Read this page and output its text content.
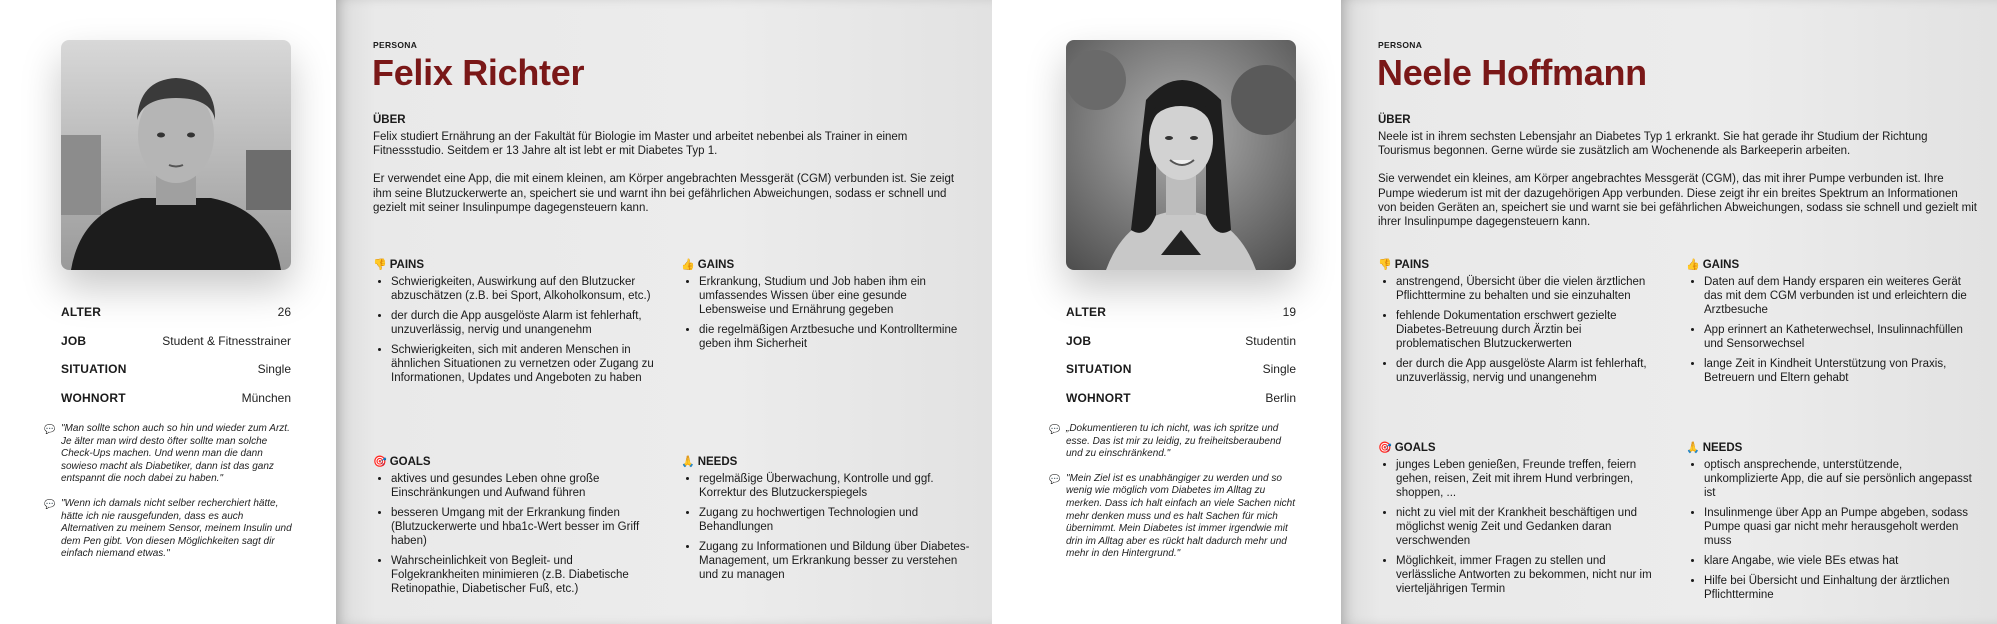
ALTER	26
JOB	Student & Fitnesstrainer
SITUATION	Single
WOHNORT	München
💬 "Man sollte schon auch so hin und wieder zum Arzt. Je älter man wird desto öfter sollte man solche Check-Ups machen. Und wenn man die dann sowieso macht als Diabetiker, dann ist das ganz entspannt die noch dabei zu haben."
💬 "Wenn ich damals nicht selber recherchiert hätte, hätte ich nie rausgefunden, dass es auch Alternativen zu meinem Sensor, meinem Insulin und dem Pen gibt. Von diesen Möglichkeiten sagt dir einfach niemand etwas."
PERSONA
Felix Richter
ÜBER

Felix studiert Ernährung an der Fakultät für Biologie im Master und arbeitet nebenbei als Trainer in einem Fitnessstudio. Seitdem er 13 Jahre alt ist lebt er mit Diabetes Typ 1.

Er verwendet eine App, die mit einem kleinen, am Körper angebrachten Messgerät (CGM) verbunden ist. Sie zeigt ihm seine Blutzuckerwerte an, speichert sie und warnt ihn bei gefährlichen Abweichungen, sodass er schnell und gezielt mit seiner Insulinpumpe dagegensteuern kann.

👎 PAINS
• Schwierigkeiten, Auswirkung auf den Blutzucker abzuschätzen (z.B. bei Sport, Alkoholkonsum, etc.)
• der durch die App ausgelöste Alarm ist fehlerhaft, unzuverlässig, nervig und unangenehm
• Schwierigkeiten, sich mit anderen Menschen in ähnlichen Situationen zu vernetzen oder Zugang zu Informationen, Updates und Angeboten zu haben
👍 GAINS
• Erkrankung, Studium und Job haben ihm ein umfassendes Wissen über eine gesunde Lebensweise und Ernährung gegeben
• die regelmäßigen Arztbesuche und Kontrolltermine geben ihm Sicherheit
🎯 GOALS
• aktives und gesundes Leben ohne große Einschränkungen und Aufwand führen
• besseren Umgang mit der Erkrankung finden (Blutzuckerwerte und hba1c-Wert besser im Griff haben)
• Wahrscheinlichkeit von Begleit- und Folgekrankheiten minimieren (z.B. Diabetische Retinopathie, Diabetischer Fuß, etc.)
🙏 NEEDS
• regelmäßige Überwachung, Kontrolle und ggf. Korrektur des Blutzuckerspiegels
• Zugang zu hochwertigen Technologien und Behandlungen
• Zugang zu Informationen und Bildung über Diabetes-Management, um Erkrankung besser zu verstehen und zu managen
ALTER	19
JOB	Studentin
SITUATION	Single
WOHNORT	Berlin
💬 „Dokumentieren tu ich nicht, was ich spritze und esse. Das ist mir zu leidig, zu freiheitsberaubend und zu einschränkend."
💬 "Mein Ziel ist es unabhängiger zu werden und so wenig wie möglich vom Diabetes im Alltag zu merken. Dass ich halt einfach an viele Sachen nicht mehr denken muss und es halt Sachen für mich übernimmt. Mein Diabetes ist immer irgendwie mit drin im Alltag aber es rückt halt dadurch mehr und mehr in den Hintergrund."
PERSONA
Neele Hoffmann
ÜBER

Neele ist in ihrem sechsten Lebensjahr an Diabetes Typ 1 erkrankt. Sie hat gerade ihr Studium der Richtung Tourismus begonnen. Gerne würde sie zusätzlich am Wochenende als Barkeeperin arbeiten.

Sie verwendet ein kleines, am Körper angebrachtes Messgerät (CGM), das mit ihrer Pumpe verbunden ist. Ihre Pumpe wiederum ist mit der dazugehörigen App verbunden. Diese zeigt ihr ein breites Spektrum an Informationen von beiden Geräten an, speichert sie und warnt sie bei gefährlichen Abweichungen, sodass sie schnell und gezielt mit ihrer Insulinpumpe dagegensteuern kann.

👎 PAINS
• anstrengend, Übersicht über die vielen ärztlichen Pflichttermine zu behalten und sie einzuhalten
• fehlende Dokumentation erschwert gezielte Diabetes-Betreuung durch Ärztin bei problematischen Blutzuckerwerten
• der durch die App ausgelöste Alarm ist fehlerhaft, unzuverlässig, nervig und unangenehm
👍 GAINS
• Daten auf dem Handy ersparen ein weiteres Gerät das mit dem CGM verbunden ist und erleichtern die Arztbesuche
• App erinnert an Katheterwechsel, Insulinnachfüllen und Sensorwechsel
• lange Zeit in Kindheit Unterstützung von Praxis, Betreuern und Eltern gehabt
🎯 GOALS
• junges Leben genießen, Freunde treffen, feiern gehen, reisen, Zeit mit ihrem Hund verbringen, shoppen, ...
• nicht zu viel mit der Krankheit beschäftigen und möglichst wenig Zeit und Gedanken daran verschwenden
• Möglichkeit, immer Fragen zu stellen und verlässliche Antworten zu bekommen, nicht nur im vierteljährigen Termin
🙏 NEEDS
• optisch ansprechende, unterstützende, unkomplizierte App, die auf sie persönlich angepasst ist
• Insulinmenge über App an Pumpe abgeben, sodass Pumpe quasi gar nicht mehr herausgeholt werden muss
• klare Angabe, wie viele BEs etwas hat
• Hilfe bei Übersicht und Einhaltung der ärztlichen Pflichttermine
